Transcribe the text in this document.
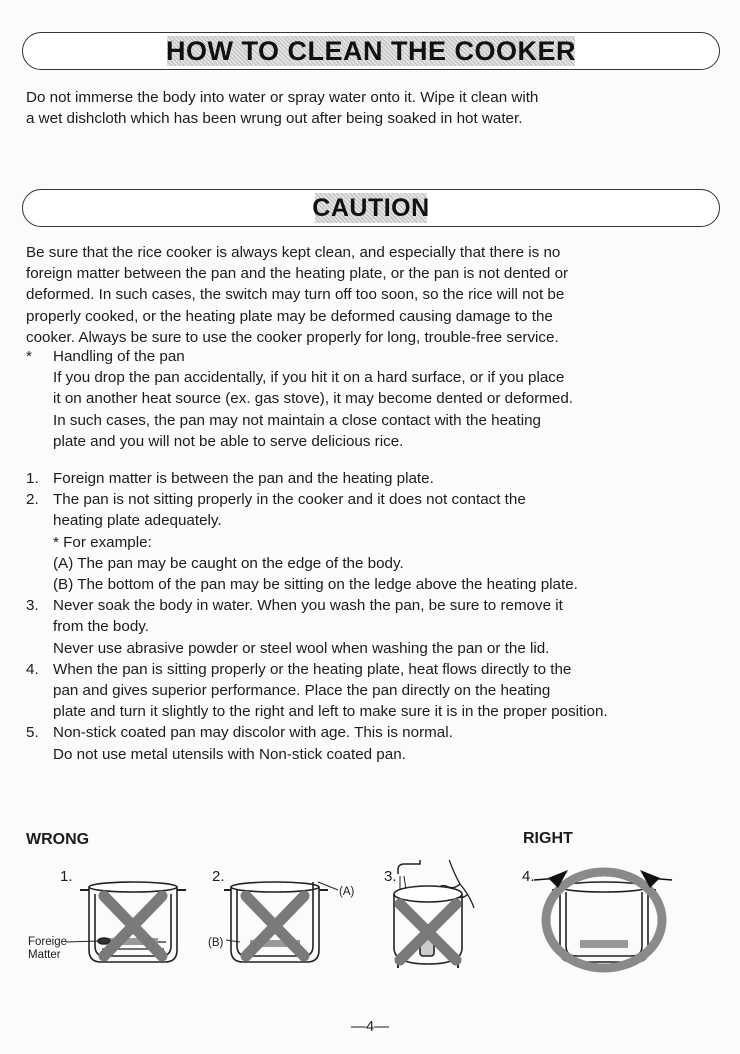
HOW TO CLEAN THE COOKER
Do not immerse the body into water or spray water onto it. Wipe it clean with
a wet dishcloth which has been wrung out after being soaked in hot water.
CAUTION
Be sure that the rice cooker is always kept clean, and especially that there is no
foreign matter between the pan and the heating plate, or the pan is not dented or
deformed. In such cases, the switch may turn off too soon, so the rice will not be
properly cooked, or the heating plate may be deformed causing damage to the
cooker. Always be sure to use the cooker properly for long, trouble-free service.
* Handling of the pan
If you drop the pan accidentally, if you hit it on a hard surface, or if you place
it on another heat source (ex. gas stove), it may become dented or deformed.
In such cases, the pan may not maintain a close contact with the heating
plate and you will not be able to serve delicious rice.
1. Foreign matter is between the pan and the heating plate.
2. The pan is not sitting properly in the cooker and it does not contact the
heating plate adequately.
* For example:
(A) The pan may be caught on the edge of the body.
(B) The bottom of the pan may be sitting on the ledge above the heating plate.
3. Never soak the body in water. When you wash the pan, be sure to remove it
from the body.
Never use abrasive powder or steel wool when washing the pan or the lid.
4. When the pan is sitting properly or the heating plate, heat flows directly to the
pan and gives superior performance. Place the pan directly on the heating
plate and turn it slightly to the right and left to make sure it is in the proper position.
5. Non-stick coated pan may discolor with age. This is normal.
Do not use metal utensils with Non-stick coated pan.
WRONG	RIGHT
1.	2.	3.	4.
Foreige
Matter
(B)
(A)
—4—
